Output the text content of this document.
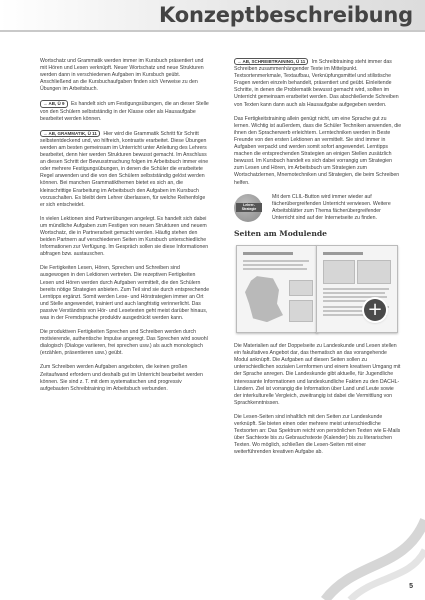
Konzeptbeschreibung

Wortschatz und Grammatik werden immer im Kursbuch präsentiert und mit Hören und Lesen verknüpft. Neuer Wortschatz und neue Strukturen werden dann in verschiedenen Aufgaben im Kursbuch geübt. Anschließend an die Kursbuchaufgaben finden sich Verweise zu den Übungen im Arbeitsbuch.

→AB, Ü 9 Es handelt sich um Festigungsübungen, die an dieser Stelle von den Schülern selbstständig in der Klasse oder als Hausaufgabe bearbeitet werden können.

→AB, GRAMMATIK, Ü 11 Hier wird die Grammatik Schritt für Schritt selbstentdeckend und, wo hilfreich, kontrastiv erarbeitet. Diese Übungen werden am besten gemeinsam im Unterricht unter Anleitung des Lehrers bearbeitet, denn hier werden Strukturen bewusst gemacht. Im Anschluss an diesen Schritt der Bewusstmachung folgen im Arbeitsbuch immer eine oder mehrere Festigungsübungen, in denen die Schüler die erarbeitete Regel anwenden und die von den Schülern selbstständig gelöst werden können. Bei manchen Grammatikthemen bietet es sich an, die kleinschrittige Erarbeitung im Arbeitsbuch den Aufgaben im Kursbuch vorzuschalten. Es bleibt dem Lehrer überlassen, für welche Reihenfolge er sich entscheidet.

In vielen Lektionen sind Partnerübungen angelegt. Es handelt sich dabei um mündliche Aufgaben zum Festigen von neuen Strukturen und neuem Wortschatz, die in Partnerarbeit gemacht werden. Häufig stehen den beiden Partnern auf verschiedenen Seiten im Kursbuch unterschiedliche Informationen zur Verfügung. Im Gespräch sollen sie diese Informationen abfragen bzw. austauschen.

Die Fertigkeiten Lesen, Hören, Sprechen und Schreiben sind ausgewogen in den Lektionen vertreten. Die rezeptiven Fertigkeiten Lesen und Hören werden durch Aufgaben vermittelt, die den Schülern bereits nötige Strategien anbieten. Zum Teil sind sie durch entsprechende Lerntipps ergänzt. Somit werden Lese- und Hörstrategien immer an Ort und Stelle angewendet, trainiert und auch langfristig verinnerlicht. Das passive Verständnis von Hör- und Lesetexten geht meist darüber hinaus, was in der Fremdsprache produktiv ausgedrückt werden kann.

Die produktiven Fertigkeiten Sprechen und Schreiben werden durch motivierende, authentische Impulse angeregt. Das Sprechen wird sowohl dialogisch (Dialoge variieren, frei sprechen usw.) als auch monologisch (erzählen, präsentieren usw.) geübt.

Zum Schreiben werden Aufgaben angeboten, die keinen großen Zeitaufwand erfordern und deshalb gut im Unterricht bearbeitet werden können. Sie sind z. T. mit dem systematischen und progressiv aufgebauten Schreibtraining im Arbeitsbuch verbunden.

→AB, SCHREIBTRAINING, Ü 11 Im Schreibtraining steht immer das Schreiben zusammenhängender Texte im Mittelpunkt. Textsortenmerkmale, Textaufbau, Verknüpfungsmittel und stilistische Fragen werden einzeln behandelt, präsentiert und geübt. Einleitende Schritte, in denen die Problematik bewusst gemacht wird, sollten im Unterricht gemeinsam erarbeitet werden. Das abschließende Schreiben von Texten kann dann auch als Hausaufgabe aufgegeben werden.

Das Fertigkeitstraining allein genügt nicht, um eine Sprache gut zu lernen. Wichtig ist außerdem, dass die Schüler Techniken anwenden, die ihnen den Spracherwerb erleichtern. Lerntechniken werden in Beste Freunde von den ersten Lektionen an vermittelt. Sie sind immer in Aufgaben verpackt und werden somit sofort angewendet. Lerntipps machen die entsprechenden Strategien an einigen Stellen zusätzlich bewusst. Im Kursbuch handelt es sich dabei vorrangig um Strategien zum Lesen und Hören, im Arbeitsbuch um Strategien zum Wortschatzlernen, Mnemotechniken und Strategien, die beim Schreiben helfen.

Lehrer-Strategie
Mit dem CLIL-Button wird immer wieder auf fächerübergreifenden Unterricht verwiesen. Weitere Arbeitsblätter zum Thema fächerübergreifender Unterricht sind auf der Internetseite zu finden.
Seiten am Modulende
+

Die Materialien auf der Doppelseite zu Landeskunde und Lesen stellen ein fakultatives Angebot dar, das thematisch an das vorangehende Modul anknüpft. Die Aufgaben auf diesen Seiten sollen zu unterschiedlichen sozialen Lernformen und einem kreativen Umgang mit der Sprache anregen. Die Landeskunde gibt aktuelle, für Jugendliche interessante Informationen und landeskundliche Fakten zu den DACHL-Ländern. Ziel ist vorrangig die Information über Land und Leute sowie der interkulturelle Vergleich, zweitrangig ist dabei die Vermittlung von Sprachkenntnissen.

Die Lesen-Seiten sind inhaltlich mit den Seiten zur Landeskunde verknüpft. Sie bieten einen oder mehrere meist unterschiedliche Textsorten an: Das Spektrum reicht von persönlichen Texten wie E-Mails über Sachtexte bis zu Gebrauchstexte (Kalender) bis zu literarischen Texten. Wo möglich, schließen die Lesen-Seiten mit einer weiterführenden kreativen Aufgabe ab.

5
